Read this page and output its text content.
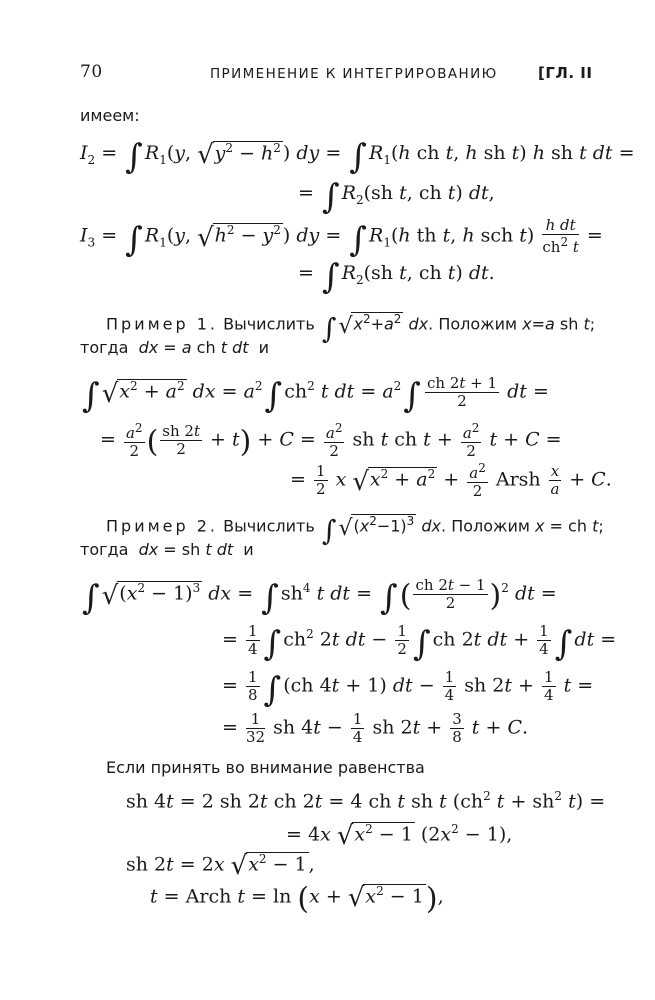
70	ПРИМЕНЕНИЕ К ИНТЕГРИРОВАНИЮ	[ГЛ. II
имеем:
$I_2$ = ∫ $R_1(y$, $√y^2 - h^2$ ) dy = ∫ $R_1(h$ ch t, h sh t) h sh t dt =
= ∫ $R_2(sh$ t, ch t) dt,
$I_3$ = ∫ $R_1(y$, $√h^2 - y^2$ ) dy = ∫ $R_1(h$ th t, h sch $t) \frac{\text{h dt}}{ch^2 t}$ =
= ∫ $R_2(sh$ t, ch t) dt.
Пример 1. Вычислить $\int√x^2+a^2$ dx. Положим x=a sh t;
тогда dx = a ch t dt и
$\int√x^2 + a^2$ dx = $a^2\int$ $ch^2$ t dt = $a^2\int \frac{ch 2t + 1}{2}$ dt =
= $\frac{a^2}{2}$ ( $\frac{sh 2t}{2} + t) + C = \frac{a^2}{2}$ sh t ch $t + \frac{a^2}{2}$ t + C =
= $\frac{1}{2}$ x $√x^2 + a^2 + \frac{a^2}{2}$ Arsh $\frac{x}{a} + C$.
Пример 2. Вычислить $\int√(x^2-1)^3$ dx. Положим x = ch t;
тогда dx = sh t dt и
$\int√(x^2 - 1)^3$ dx = ∫ $sh^4$ t dt = ∫( $\frac{ch 2t - 1}{2} )^2$ dt =
= $\frac{1}{4}$ ∫ $ch^2$ 2t dt − $\frac{1}{2}$ ∫ ch 2t dt + $\frac{1}{4}$ ∫ dt =
= $\frac{1}{8}$ ∫ (ch 4t + 1) dt − $\frac{1}{4}$ sh $2t + \frac{1}{4}$ t =
= $\frac{1}{32}$ sh $4t - \frac{1}{4}$ sh $2t + \frac{3}{8}$ t + C.
Если принять во внимание равенства
sh 4t = 2 sh 2t ch 2t = 4 ch t sh t ($ch^2$ $t + sh^2$ t) =
= 4x $√x^2 - 1$ $(2x^2 - 1)$,
sh 2t = 2x $√x^2 - 1$ ,
t = Arch $t = \ln (x + √x^2 - 1)$,
